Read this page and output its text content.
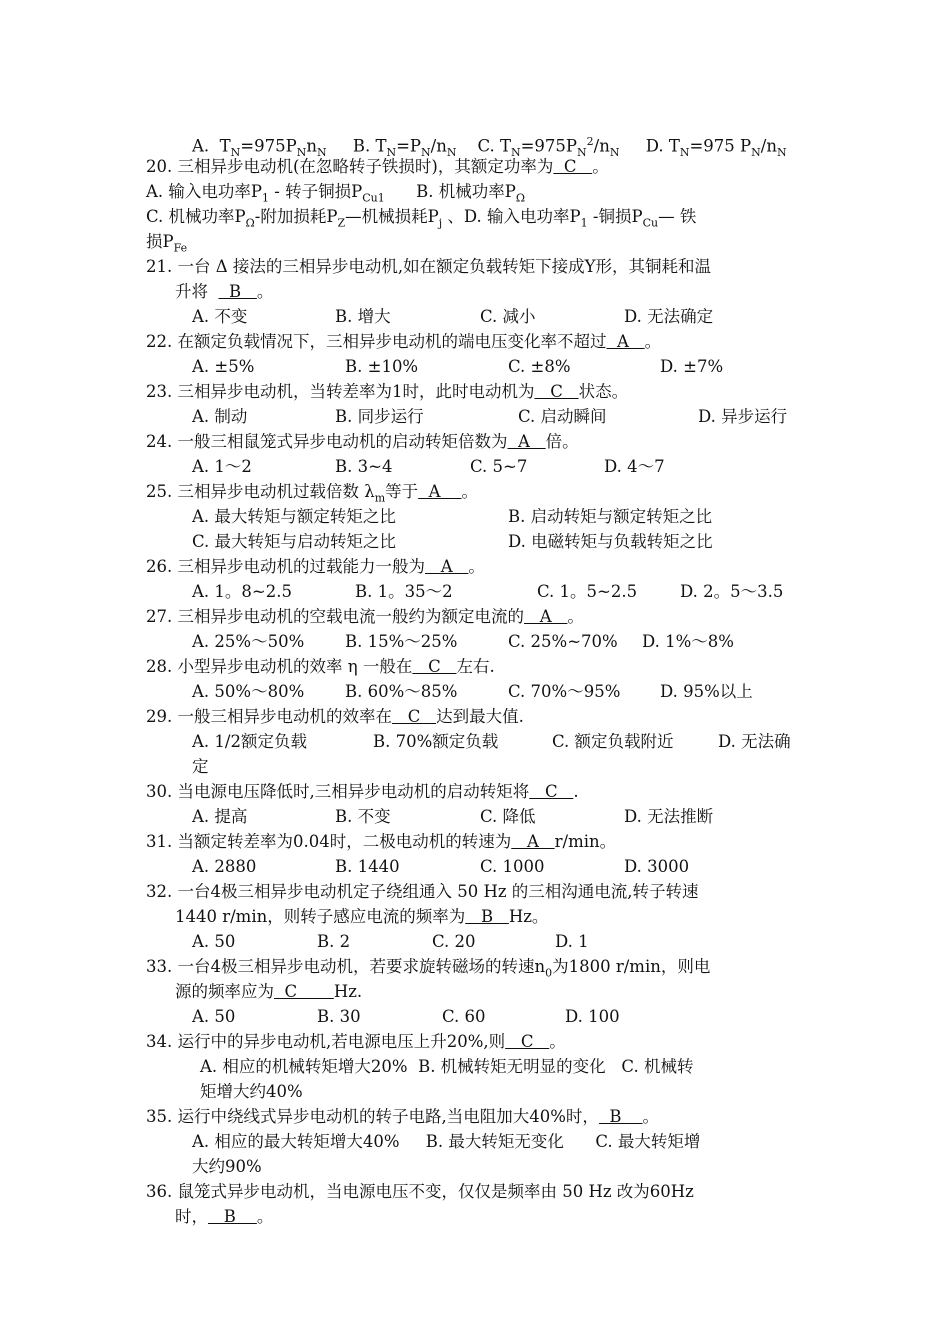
A.  $T_N=975P_Nn_N$ B. $T_N=P_N/n_N$ C. $T_N=975P_N^2/n_N$ D. $T_N=975$ $P_N/n_N$
20. 三相异步电动机(在忽略转子铁损时)，其额定功率为  C   。
A. 输入电功率$P_1$ - 转子铜损$P_{Cu1}$ B. 机械功率$P_\Omega$
C. 机械功率$P_\Omega-$附加损耗$P_Z—$机械损耗$P_j$ 、D. 输入电功率$P_1$ -铜损$P_{Cu}—$ 铁
损$P_{Fe}$
21. 一台 Δ 接法的三相异步电动机,如在额定负载转矩下接成Y形，其铜耗和温
升将    B   。
A. 不变	B. 增大	C. 减小	D. 无法确定
22. 在额定负载情况下，三相异步电动机的端电压变化率不超过  A   。
A. ±5%	B. ±10%	C. ±8%	D. ±7%
23. 三相异步电动机，当转差率为1时，此时电动机为   C   状态。
A. 制动	B. 同步运行	C. 启动瞬间	D. 异步运行
24. 一般三相鼠笼式异步电动机的启动转矩倍数为  A   倍。
A. 1～2	B. 3~4	C. 5~7	D. 4～7
25. 三相异步电动机过载倍数 $\lambda_m$等于  A    。
A. 最大转矩与额定转矩之比	B. 启动转矩与额定转矩之比
C. 最大转矩与启动转矩之比	D. 电磁转矩与负载转矩之比
26. 三相异步电动机的过载能力一般为   A   。
A. 1。8~2.5	B. 1。35～2	C. 1。5~2.5	D. 2。5～3.5
27. 三相异步电动机的空载电流一般约为额定电流的   A   。
A. 25%～50% B. 15%～25%	C. 25%~70% D. 1%～8%
28. 小型异步电动机的效率 η 一般在   C   左右.
A. 50%～80% B. 60%～85%	C. 70%～95% D. 95%以上
29. 一般三相异步电动机的效率在   C   达到最大值.
A. 1/2额定负载	B. 70%额定负载	C. 额定负载附近	D. 无法确
定
30. 当电源电压降低时,三相异步电动机的启动转矩将   C   .
A. 提高	B. 不变	C. 降低	D. 无法推断
31. 当额定转差率为0.04时，二极电动机的转速为   A   r/min。
A. 2880	B. 1440	C. 1000	D. 3000
32. 一台4极三相异步电动机定子绕组通入 50 Hz 的三相沟通电流,转子转速
1440 r/min，则转子感应电流的频率为   B   Hz。
A. 50	B. 2	C. 20	D. 1
33. 一台4极三相异步电动机，若要求旋转磁场的转速$n_0$为1800 r/min，则电
源的频率应为  C       Hz.
A. 50	B. 30	C. 60	D. 100
34. 运行中的异步电动机,若电源电压上升20%,则   C   。
A. 相应的机械转矩增大20%  B. 机械转矩无明显的变化   C. 机械转
矩增大约40%
35. 运行中绕线式异步电动机的转子电路,当电阻加大40%时，  B    。
A. 相应的最大转矩增大40%     B. 最大转矩无变化      C. 最大转矩增
大约90%
36. 鼠笼式异步电动机，当电源电压不变，仅仅是频率由 50 Hz 改为60Hz
时，   B    。
